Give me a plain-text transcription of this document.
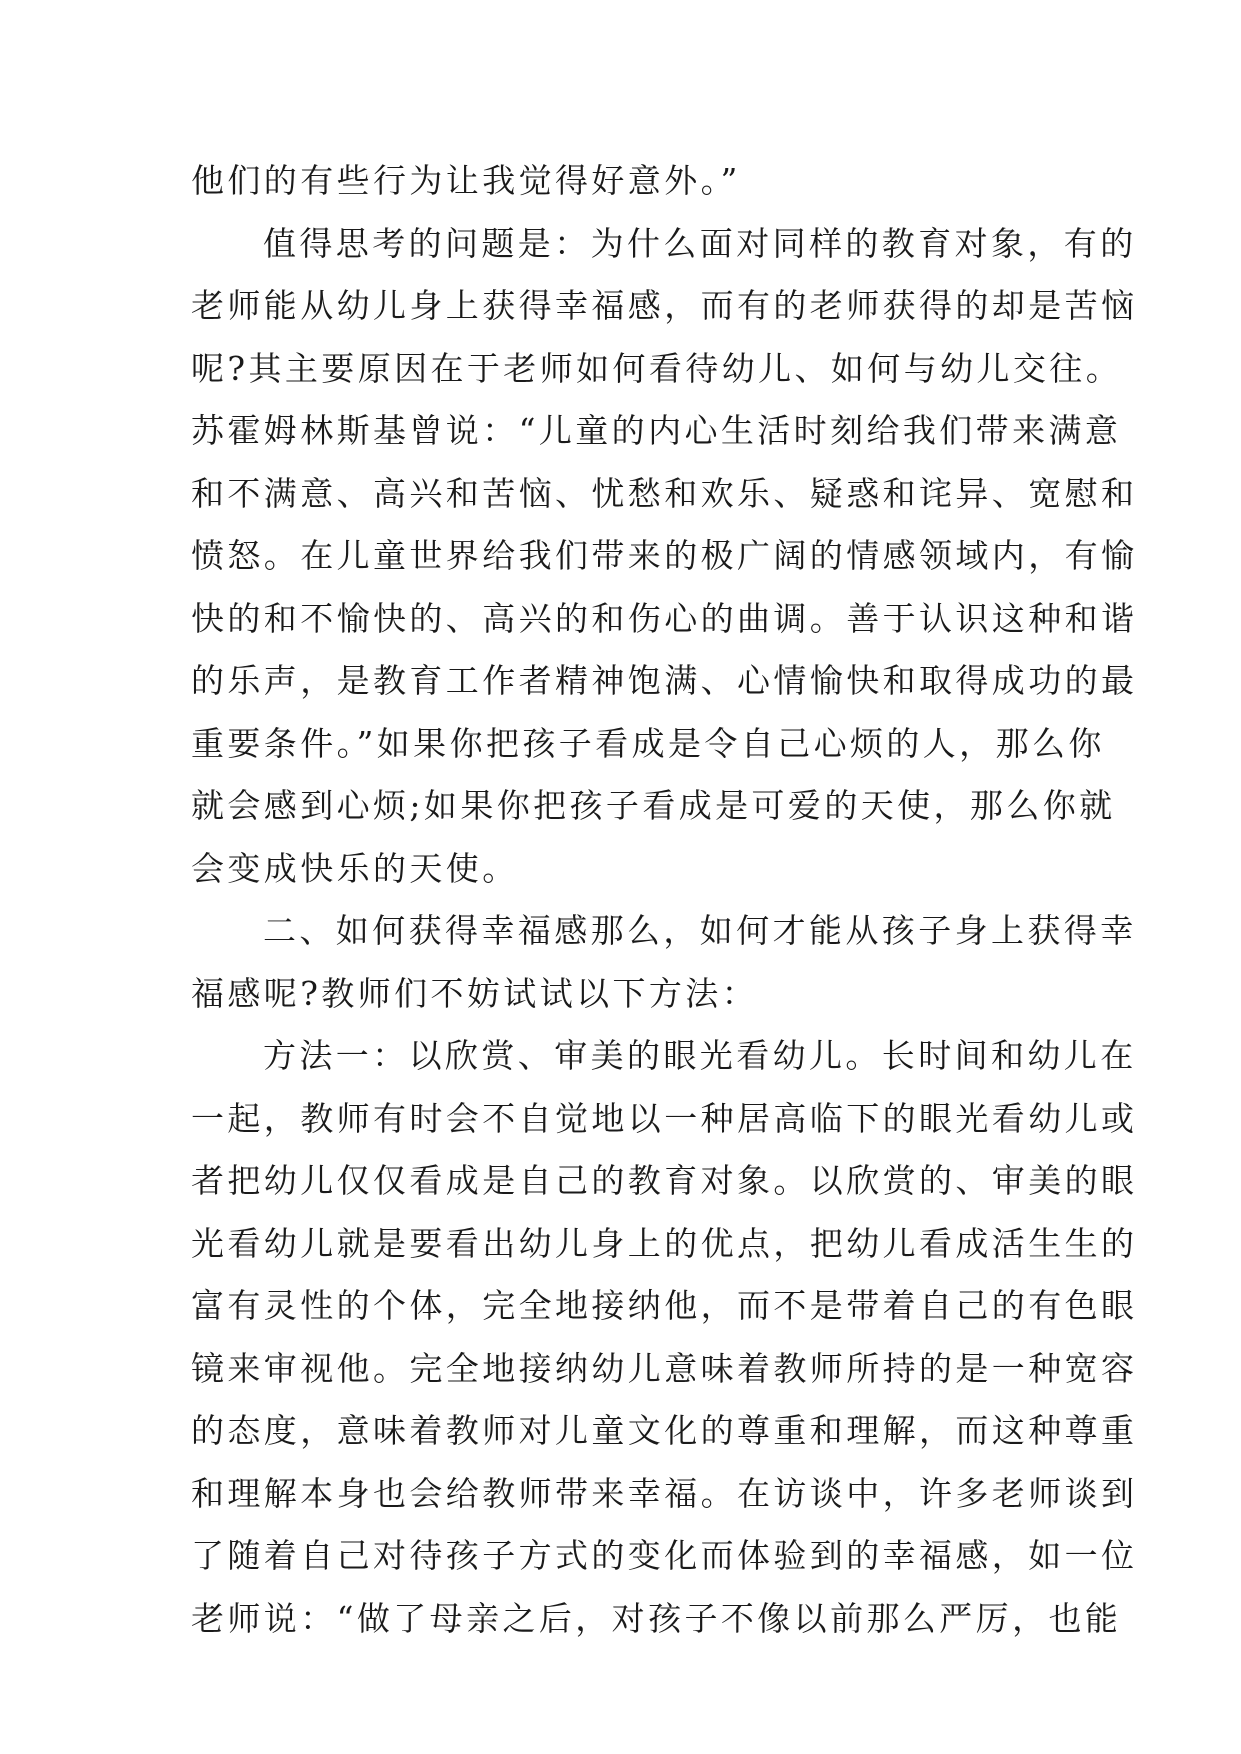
他们的有些行为让我觉得好意外。”
值得思考的问题是：为什么面对同样的教育对象，有的
老师能从幼儿身上获得幸福感，而有的老师获得的却是苦恼
呢?其主要原因在于老师如何看待幼儿、如何与幼儿交往。
苏霍姆林斯基曾说：“儿童的内心生活时刻给我们带来满意
和不满意、高兴和苦恼、忧愁和欢乐、疑惑和诧异、宽慰和
愤怒。在儿童世界给我们带来的极广阔的情感领域内，有愉
快的和不愉快的、高兴的和伤心的曲调。善于认识这种和谐
的乐声，是教育工作者精神饱满、心情愉快和取得成功的最
重要条件。”如果你把孩子看成是令自己心烦的人，那么你
就会感到心烦;如果你把孩子看成是可爱的天使，那么你就
会变成快乐的天使。
二、如何获得幸福感那么，如何才能从孩子身上获得幸
福感呢?教师们不妨试试以下方法：
方法一：以欣赏、审美的眼光看幼儿。长时间和幼儿在
一起，教师有时会不自觉地以一种居高临下的眼光看幼儿或
者把幼儿仅仅看成是自己的教育对象。以欣赏的、审美的眼
光看幼儿就是要看出幼儿身上的优点，把幼儿看成活生生的
富有灵性的个体，完全地接纳他，而不是带着自己的有色眼
镜来审视他。完全地接纳幼儿意味着教师所持的是一种宽容
的态度，意味着教师对儿童文化的尊重和理解，而这种尊重
和理解本身也会给教师带来幸福。在访谈中，许多老师谈到
了随着自己对待孩子方式的变化而体验到的幸福感，如一位
老师说：“做了母亲之后，对孩子不像以前那么严厉，也能
